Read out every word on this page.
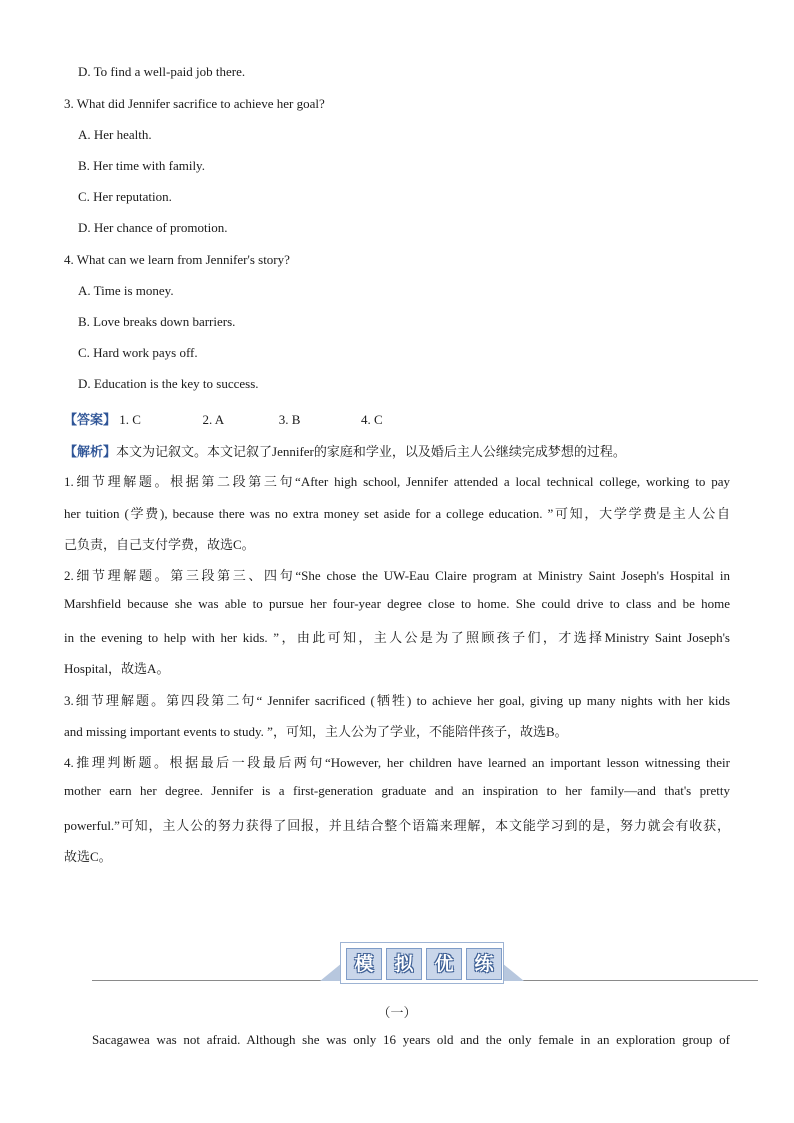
D. To find a well-paid job there.
3. What did Jennifer sacrifice to achieve her goal?
A. Her health.
B. Her time with family.
C. Her reputation.
D. Her chance of promotion.
4. What can we learn from Jennifer's story?
A. Time is money.
B. Love breaks down barriers.
C. Hard work pays off.
D. Education is the key to success.
【答案】 1. C	2. A	3. B	4. C
【解析】本文为记叙文。本文记叙了Jennifer的家庭和学业，以及婚后主人公继续完成梦想的过程。
1.细节理解题。根据第二段第三句“After high school, Jennifer attended a local technical college, working to pay
her tuition (学费), because there was no extra money set aside for a college education. ”可知，大学学费是主人公自
己负责，自己支付学费，故选C。
2.细节理解题。第三段第三、四句“She chose the UW-Eau Claire program at Ministry Saint Joseph's Hospital in
Marshfield because she was able to pursue her four-year degree close to home. She could drive to class and be home
in the evening to help with her kids. ”，由此可知，主人公是为了照顾孩子们，才选择Ministry Saint Joseph's
Hospital，故选A。
3.细节理解题。第四段第二句“ Jennifer sacrificed (牺牲) to achieve her goal, giving up many nights with her kids
and missing important events to study. ”，可知，主人公为了学业，不能陪伴孩子，故选B。
4.推理判断题。根据最后一段最后两句“However, her children have learned an important lesson witnessing their
mother earn her degree. Jennifer is a first-generation graduate and an inspiration to her family—and that's pretty
powerful.”可知，主人公的努力获得了回报，并且结合整个语篇来理解，本文能学习到的是，努力就会有收获，
故选C。
模	拟	优	练
（一）
Sacagawea was not afraid. Although she was only 16 years old and the only female in an exploration group of
